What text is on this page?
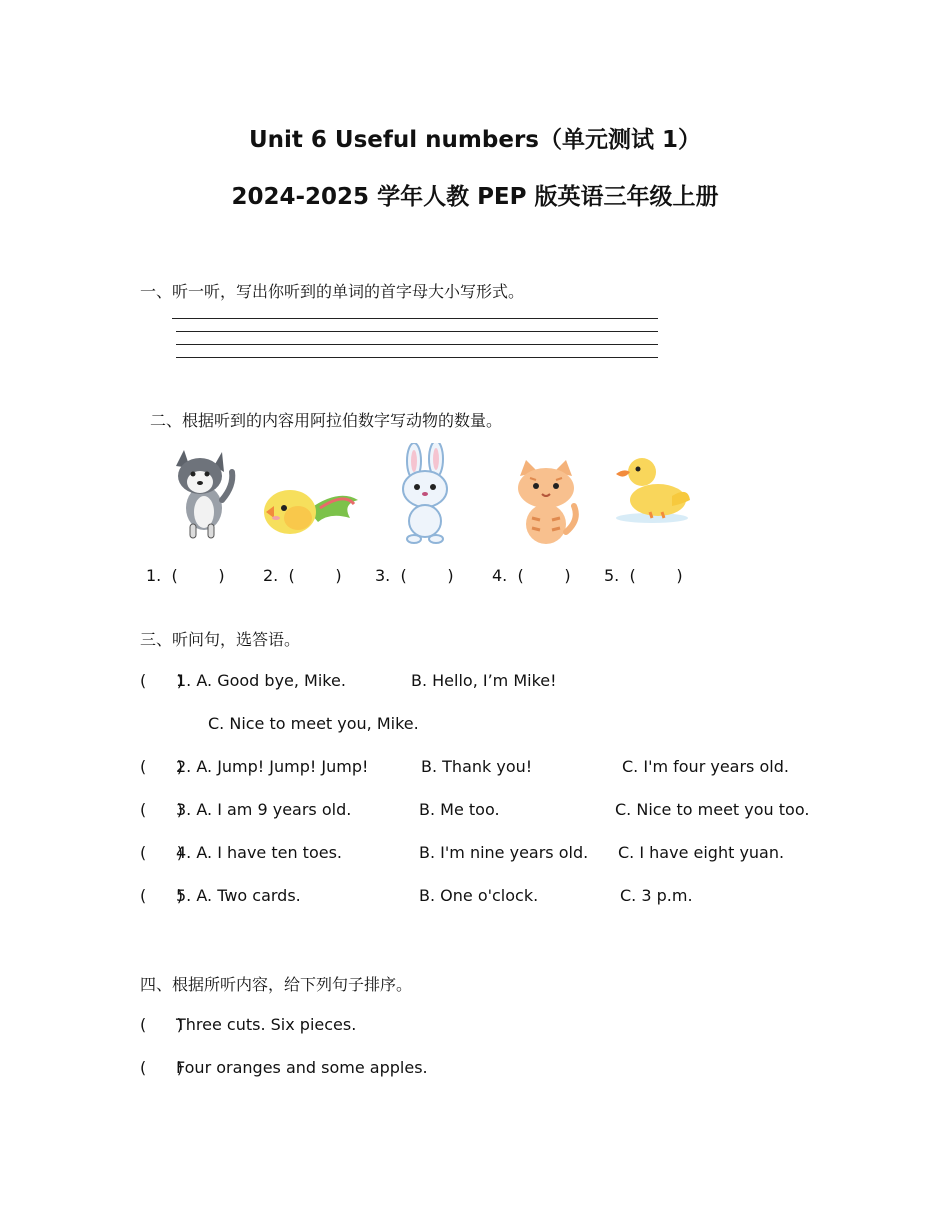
Unit 6 Useful numbers（单元测试 1）
2024-2025 学年人教 PEP 版英语三年级上册
一、听一听，写出你听到的单词的首字母大小写形式。
二、根据听到的内容用阿拉伯数字写动物的数量。
1.  (        ) 2.  (        ) 3.  (        ) 4.  (        ) 5.  (        )
三、听问句，选答语。
(      )
1. A. Good bye, Mike.	B. Hello, I’m Mike!
C. Nice to meet you, Mike.
(      )
2. A. Jump! Jump! Jump!	B. Thank you!	C. I'm four years old.
(      )
3. A. I am 9 years old.	B. Me too.	C. Nice to meet you too.
(      )
4. A. I have ten toes.	B. I'm nine years old. C. I have eight yuan.
(      )
5. A. Two cards.	B. One o'clock.	C. 3 p.m.
四、根据所听内容，给下列句子排序。
(      )
Three cuts. Six pieces.
(      )
Four oranges and some apples.
